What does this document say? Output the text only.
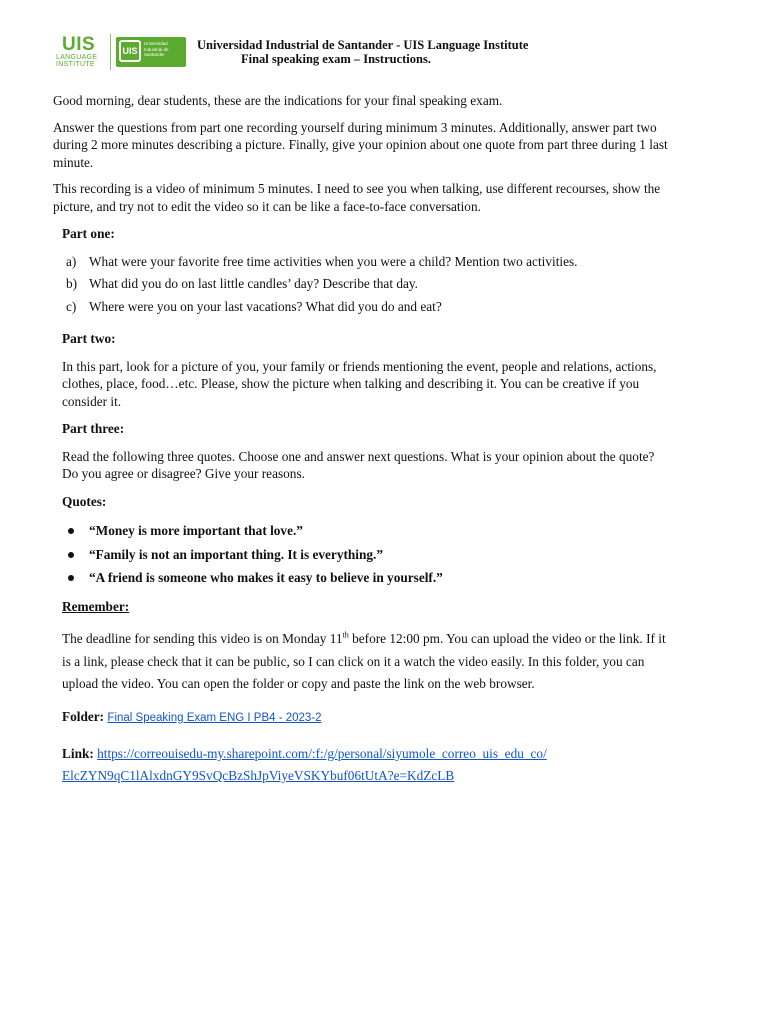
UIS
LANGUAGE
INSTITUTE
UIS
Universidad Industrial de Santander
Universidad Industrial de Santander - UIS Language Institute
Final speaking exam – Instructions.

Good morning, dear students, these are the indications for your final speaking exam.

Answer the questions from part one recording yourself during minimum 3 minutes. Additionally, answer part two during 2 more minutes describing a picture. Finally, give your opinion about one quote from part three during 1 last minute.

This recording is a video of minimum 5 minutes. I need to see you when talking, use different recourses, show the picture, and try not to edit the video so it can be like a face-to-face conversation.

Part one:

a) What were your favorite free time activities when you were a child? Mention two activities.
b) What did you do on last little candles’ day? Describe that day.
c) Where were you on your last vacations? What did you do and eat?

Part two:

In this part, look for a picture of you, your family or friends mentioning the event, people and relations, actions, clothes, place, food…etc. Please, show the picture when talking and describing it. You can be creative if you consider it.

Part three:

Read the following three quotes. Choose one and answer next questions. What is your opinion about the quote? Do you agree or disagree? Give your reasons.

Quotes:

“Money is more important that love.”
“Family is not an important thing. It is everything.”
“A friend is someone who makes it easy to believe in yourself.”

Remember:

The deadline for sending this video is on Monday 11th before 12:00 pm. You can upload the video or the link. If it is a link, please check that it can be public, so I can click on it a watch the video easily. In this folder, you can upload the video. You can open the folder or copy and paste the link on the web browser.

Folder: Final Speaking Exam ENG I PB4 - 2023-2

Link: https://correouisedu-my.sharepoint.com/:f:/g/personal/siyumole_correo_uis_edu_co/
ElcZYN9qC1lAlxdnGY9SvQcBzShJpViyeVSKYbuf06tUtA?e=KdZcLB
